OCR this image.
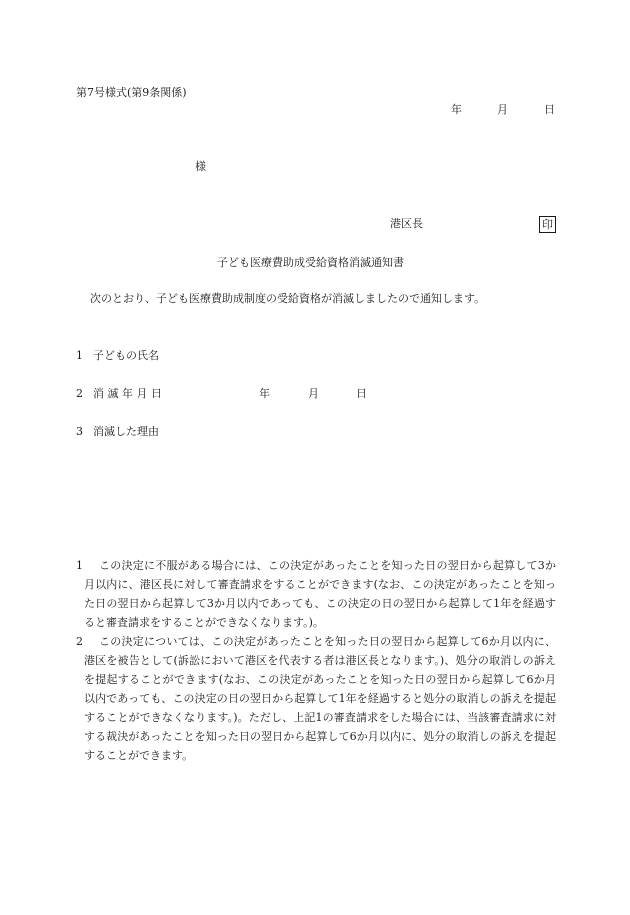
第7号様式(第9条関係)
年	月	日
様
港区長	印
子ども医療費助成受給資格消滅通知書
次のとおり、子ども医療費助成制度の受給資格が消滅しましたので通知します。
1 子どもの氏名
2 消 滅 年 月 日	年	月	日
3 消滅した理由
1	この決定に不服がある場合には、この決定があったことを知った日の翌日から起算して3か月以内に、港区長に対して審査請求をすることができます(なお、この決定があったことを知った日の翌日から起算して3か月以内であっても、この決定の日の翌日から起算して1年を経過すると審査請求をすることができなくなります。)。
2	この決定については、この決定があったことを知った日の翌日から起算して6か月以内に、港区を被告として(訴訟において港区を代表する者は港区長となります。)、処分の取消しの訴えを提起することができます(なお、この決定があったことを知った日の翌日から起算して6か月以内であっても、この決定の日の翌日から起算して1年を経過すると処分の取消しの訴えを提起することができなくなります。)。ただし、上記1の審査請求をした場合には、当該審査請求に対する裁決があったことを知った日の翌日から起算して6か月以内に、処分の取消しの訴えを提起することができます。
